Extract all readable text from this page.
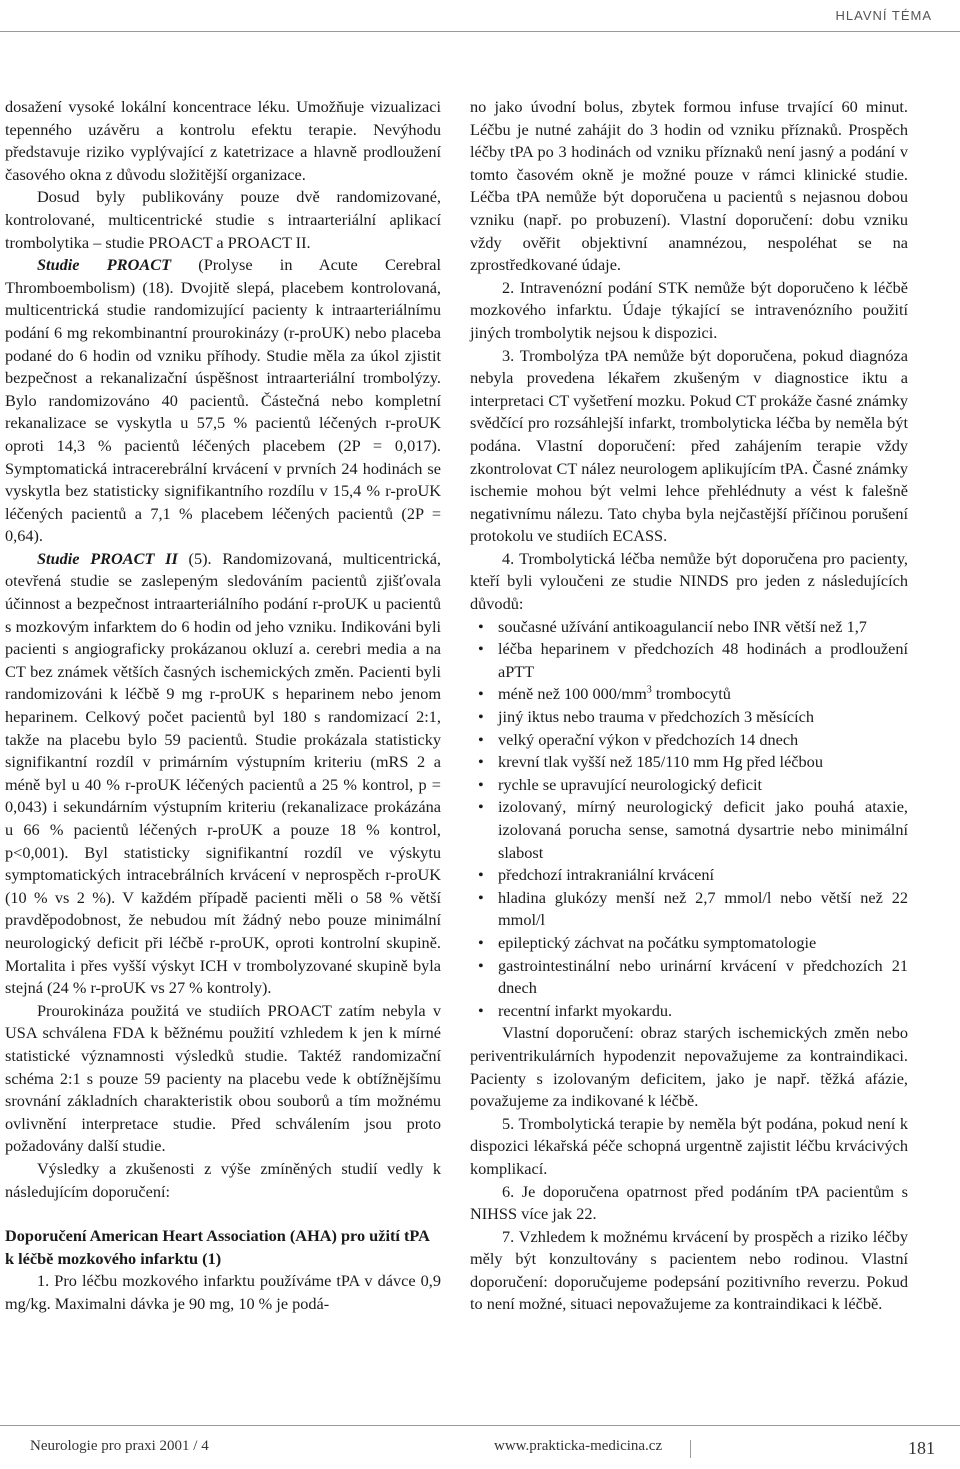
HLAVNÍ TÉMA

dosažení vysoké lokální koncentrace léku. Umožňuje vizualizaci tepenného uzávěru a kontrolu efektu terapie. Nevýhodu představuje riziko vyplývající z katetrizace a hlavně prodloužení časového okna z důvodu složitější organizace.

Dosud byly publikovány pouze dvě randomizované, kontrolované, multicentrické studie s intraarteriální aplikací trombolytika – studie PROACT a PROACT II.

Studie PROACT (Prolyse in Acute Cerebral Thromboembolism) (18). Dvojitě slepá, placebem kontrolovaná, multicentrická studie randomizující pacienty k intraarteriálnímu podání 6 mg rekombinantní prourokinázy (r-proUK) nebo placeba podané do 6 hodin od vzniku příhody. Studie měla za úkol zjistit bezpečnost a rekanalizační úspěšnost intraarteriální trombolýzy. Bylo randomizováno 40 pacientů. Částečná nebo kompletní rekanalizace se vyskytla u 57,5 % pacientů léčených r-proUK oproti 14,3 % pacientů léčených placebem (2P = 0,017). Symptomatická intracerebrální krvácení v prvních 24 hodinách se vyskytla bez statisticky signifikantního rozdílu v 15,4 % r-proUK léčených pacientů a 7,1 % placebem léčených pacientů (2P = 0,64).

Studie PROACT II (5). Randomizovaná, multicentrická, otevřená studie se zaslepeným sledováním pacientů zjišťovala účinnost a bezpečnost intraarteriálního podání r-proUK u pacientů s mozkovým infarktem do 6 hodin od jeho vzniku. Indikováni byli pacienti s angiograficky prokázanou okluzí a. cerebri media a na CT bez známek větších časných ischemických změn. Pacienti byli randomizováni k léčbě 9 mg r-proUK s heparinem nebo jenom heparinem. Celkový počet pacientů byl 180 s randomizací 2:1, takže na placebu bylo 59 pacientů. Studie prokázala statisticky signifikantní rozdíl v primárním výstupním kriteriu (mRS 2 a méně byl u 40 % r-proUK léčených pacientů a 25 % kontrol, p = 0,043) i sekundárním výstupním kriteriu (rekanalizace prokázána u 66 % pacientů léčených r-proUK a pouze 18 % kontrol, p<0,001). Byl statisticky signifikantní rozdíl ve výskytu symptomatických intracebrálních krvácení v neprospěch r-proUK (10 % vs 2 %). V každém případě pacienti měli o 58 % větší pravděpodobnost, že nebudou mít žádný nebo pouze minimální neurologický deficit při léčbě r-proUK, oproti kontrolní skupině. Mortalita i přes vyšší výskyt ICH v trombolyzované skupině byla stejná (24 % r-proUK vs 27 % kontroly).

Prourokináza použitá ve studiích PROACT zatím nebyla v USA schválena FDA k běžnému použití vzhledem k jen k mírné statistické významnosti výsledků studie. Taktéž randomizační schéma 2:1 s pouze 59 pacienty na placebu vede k obtížnějšímu srovnání základních charakteristik obou souborů a tím možnému ovlivnění interpretace studie. Před schválením jsou proto požadovány další studie.

Výsledky a zkušenosti z výše zmíněných studií vedly k následujícím doporučení:

Doporučení American Heart Association (AHA) pro užití tPA k léčbě mozkového infarktu (1)

1. Pro léčbu mozkového infarktu používáme tPA v dávce 0,9 mg/kg. Maximalni dávka je 90 mg, 10 % je podá-

no jako úvodní bolus, zbytek formou infuse trvající 60 minut. Léčbu je nutné zahájit do 3 hodin od vzniku příznaků. Prospěch léčby tPA po 3 hodinách od vzniku příznaků není jasný a podání v tomto časovém okně je možné pouze v rámci klinické studie. Léčba tPA nemůže být doporučena u pacientů s nejasnou dobou vzniku (např. po probuzení). Vlastní doporučení: dobu vzniku vždy ověřit objektivní anamnézou, nespoléhat se na zprostředkované údaje.

2. Intravenózní podání STK nemůže být doporučeno k léčbě mozkového infarktu. Údaje týkající se intravenózního použití jiných trombolytik nejsou k dispozici.

3. Trombolýza tPA nemůže být doporučena, pokud diagnóza nebyla provedena lékařem zkušeným v diagnostice iktu a interpretaci CT vyšetření mozku. Pokud CT prokáže časné známky svědčící pro rozsáhlejší infarkt, trombolyticka léčba by neměla být podána. Vlastní doporučení: před zahájením terapie vždy zkontrolovat CT nález neurologem aplikujícím tPA. Časné známky ischemie mohou být velmi lehce přehlédnuty a vést k falešně negativnímu nálezu. Tato chyba byla nejčastější příčinou porušení protokolu ve studiích ECASS.

4. Trombolytická léčba nemůže být doporučena pro pacienty, kteří byli vyloučeni ze studie NINDS pro jeden z následujících důvodů:

• současné užívání antikoagulancií nebo INR větší než 1,7
• léčba heparinem v předchozích 48 hodinách a prodloužení aPTT
• méně než 100 $000/mm^3$ trombocytů
• jiný iktus nebo trauma v předchozích 3 měsících
• velký operační výkon v předchozích 14 dnech
• krevní tlak vyšší než 185/110 mm Hg před léčbou
• rychle se upravující neurologický deficit
• izolovaný, mírný neurologický deficit jako pouhá ataxie, izolovaná porucha sense, samotná dysartrie nebo minimální slabost
• předchozí intrakraniální krvácení
• hladina glukózy menší než 2,7 mmol/l nebo větší než 22 mmol/l
• epileptický záchvat na počátku symptomatologie
• gastrointestinální nebo urinární krvácení v předchozích 21 dnech
• recentní infarkt myokardu.

Vlastní doporučení: obraz starých ischemických změn nebo periventrikulárních hypodenzit nepovažujeme za kontraindikaci. Pacienty s izolovaným deficitem, jako je např. těžká afázie, považujeme za indikované k léčbě.

5. Trombolytická terapie by neměla být podána, pokud není k dispozici lékařská péče schopná urgentně zajistit léčbu krvácivých komplikací.

6. Je doporučena opatrnost před podáním tPA pacientům s NIHSS více jak 22.

7. Vzhledem k možnému krvácení by prospěch a riziko léčby měly být konzultovány s pacientem nebo rodinou. Vlastní doporučení: doporučujeme podepsání pozitivního reverzu. Pokud to není možné, situaci nepovažujeme za kontraindikaci k léčbě.

Neurologie pro praxi 2001 / 4	www.prakticka-medicina.cz	181
